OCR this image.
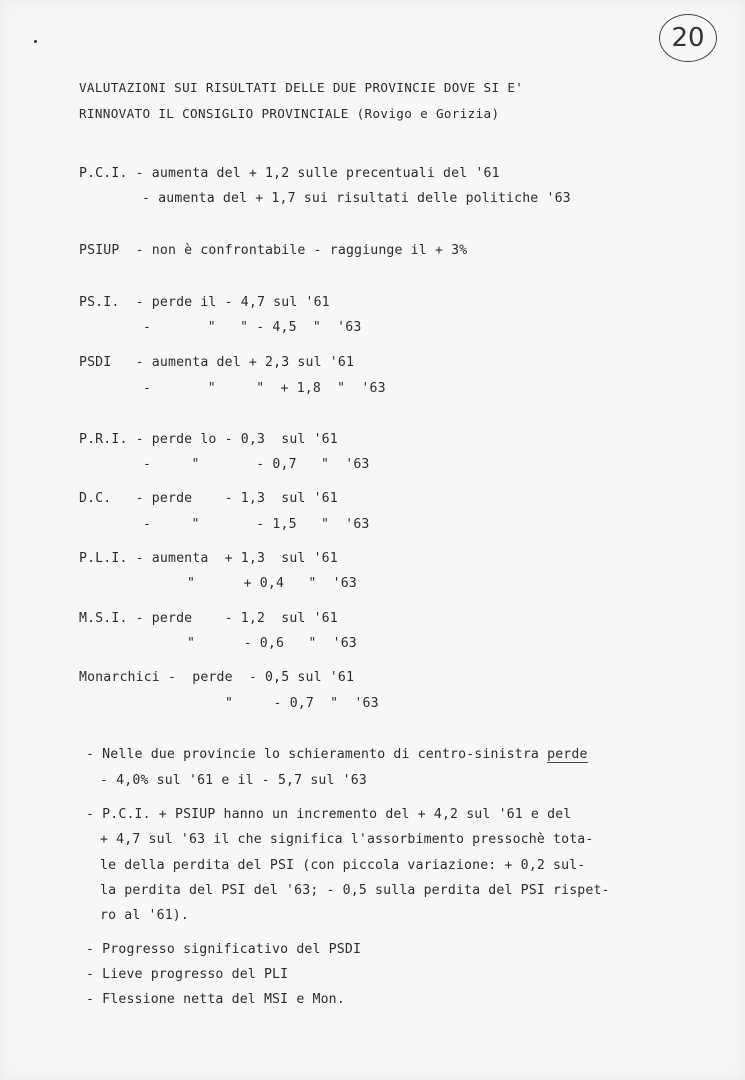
20
VALUTAZIONI SUI RISULTATI DELLE DUE PROVINCIE DOVE SI E'
RINNOVATO IL CONSIGLIO PROVINCIALE (Rovigo e Gorizia)
P.C.I. - aumenta del + 1,2 sulle precentuali del '61
- aumenta del + 1,7 sui risultati delle politiche '63
PSIUP  - non è confrontabile - raggiunge il + 3%
PS.I.  - perde il - 4,7 sul '61
-       "   " - 4,5  "  '63
PSDI   - aumenta del + 2,3 sul '61
-       "     "  + 1,8  "  '63
P.R.I. - perde lo - 0,3  sul '61
-     "       - 0,7   "  '63
D.C.   - perde    - 1,3  sul '61
-     "       - 1,5   "  '63
P.L.I. - aumenta  + 1,3  sul '61
"      + 0,4   "  '63
M.S.I. - perde    - 1,2  sul '61
"      - 0,6   "  '63
Monarchici -  perde  - 0,5 sul '61
"     - 0,7  "  '63
- Nelle due provincie lo schieramento di centro-sinistra perde
- 4,0% sul '61 e il - 5,7 sul '63
- P.C.I. + PSIUP hanno un incremento del + 4,2 sul '61 e del
+ 4,7 sul '63 il che significa l'assorbimento pressochè tota-
le della perdita del PSI (con piccola variazione: + 0,2 sul-
la perdita del PSI del '63; - 0,5 sulla perdita del PSI rispet-
ro al '61).
- Progresso significativo del PSDI
- Lieve progresso del PLI
- Flessione netta del MSI e Mon.
